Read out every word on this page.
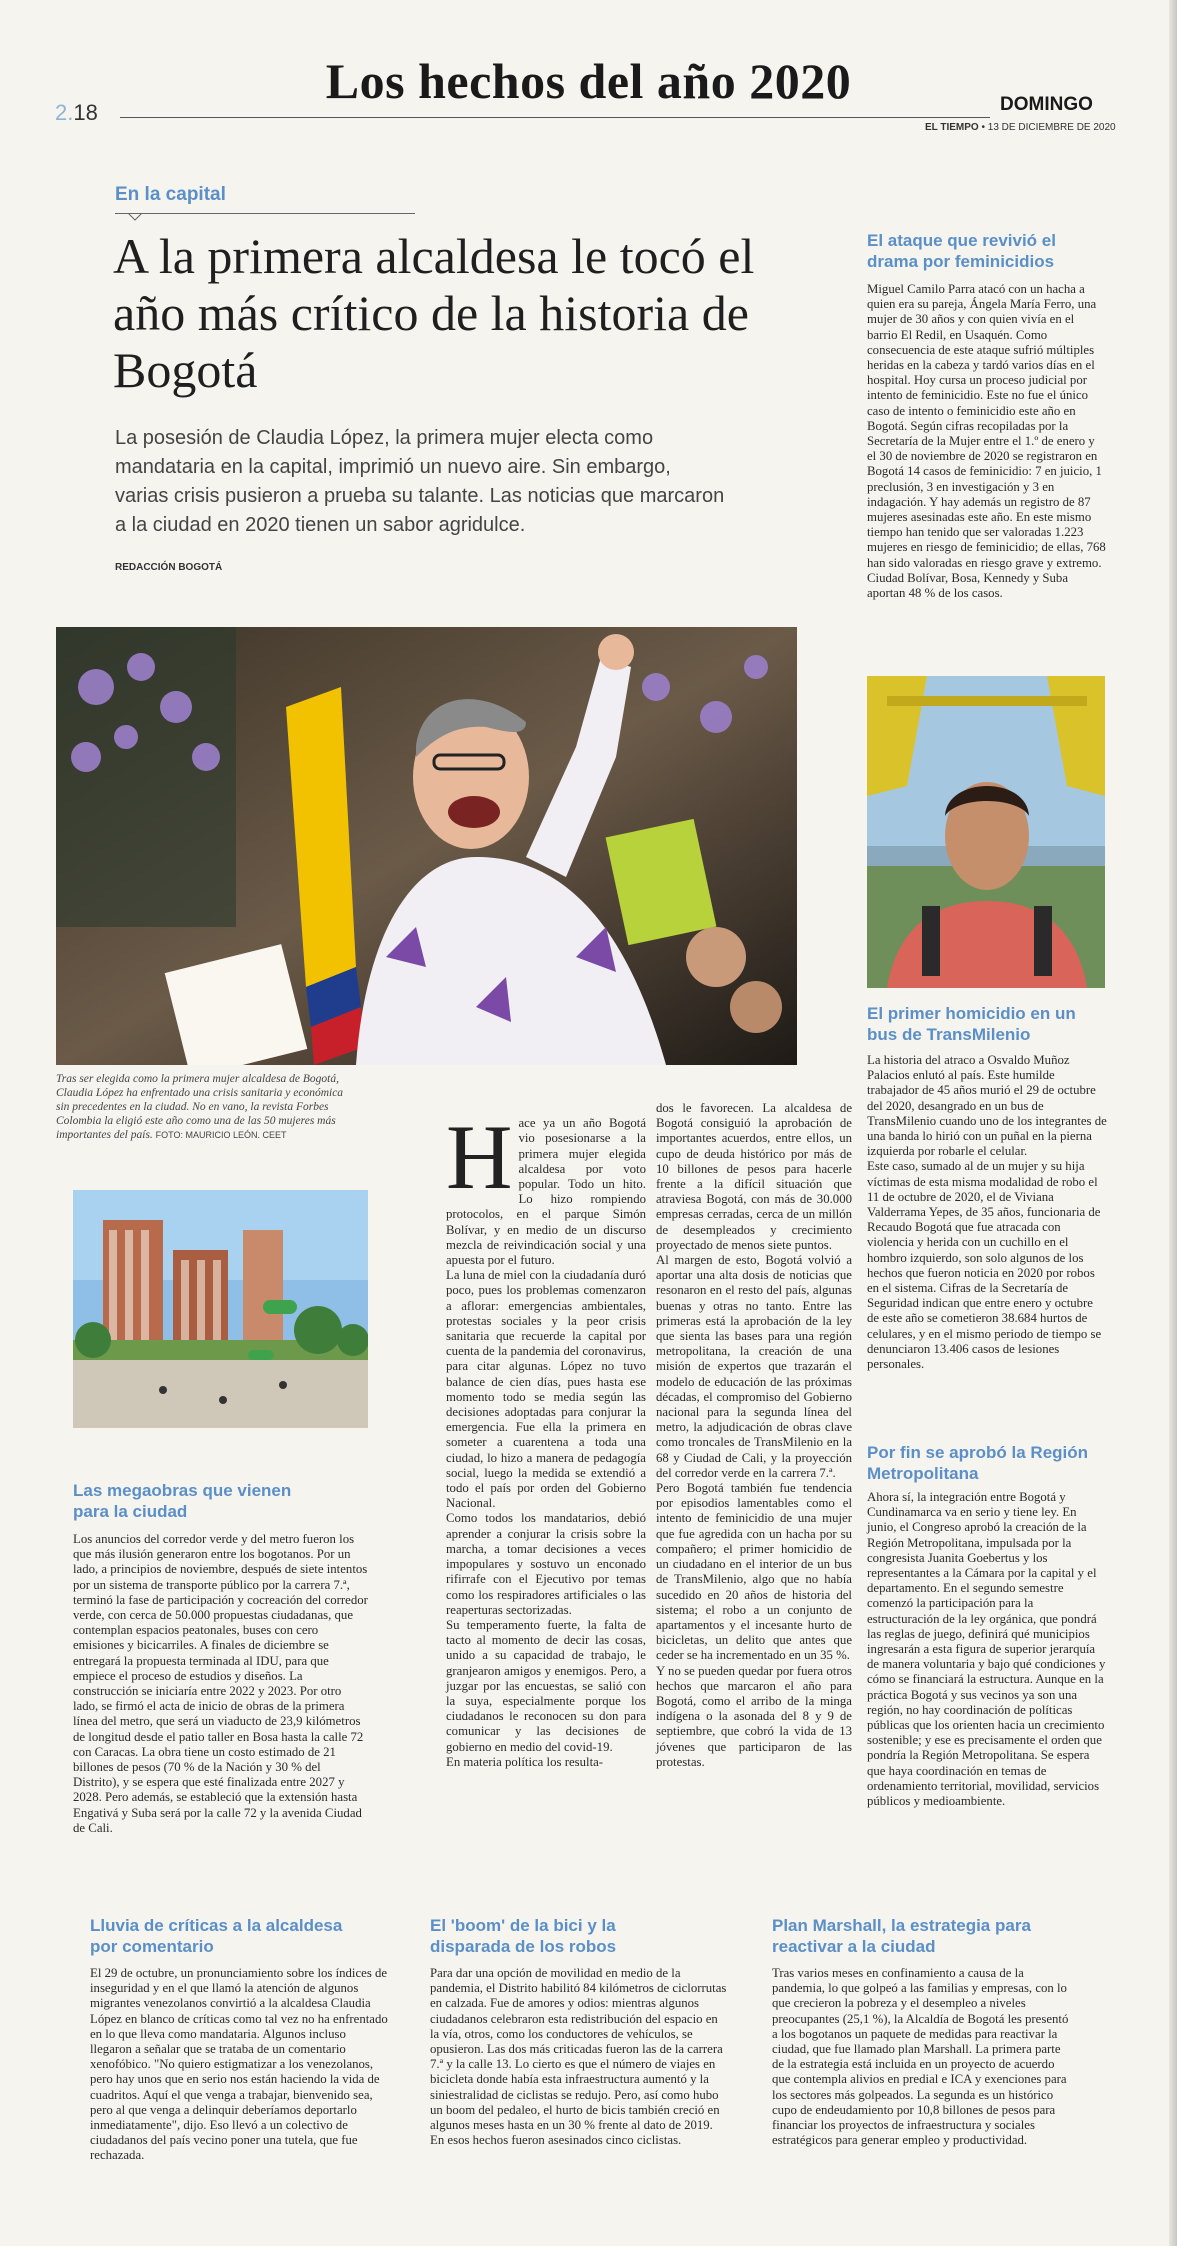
Los hechos del año 2020
2.18	DOMINGO
EL TIEMPO • 13 DE DICIEMBRE DE 2020
En la capital
A la primera alcaldesa le tocó el año más crítico de la historia de Bogotá
La posesión de Claudia López, la primera mujer electa como mandataria en la capital, imprimió un nuevo aire. Sin embargo, varias crisis pusieron a prueba su talante. Las noticias que marcaron a la ciudad en 2020 tienen un sabor agridulce.
REDACCIÓN BOGOTÁ
Tras ser elegida como la primera mujer alcaldesa de Bogotá, Claudia López ha enfrentado una crisis sanitaria y económica sin precedentes en la ciudad. No en vano, la revista Forbes Colombia la eligió este año como una de las 50 mujeres más importantes del país. FOTO: MAURICIO LEÓN. CEET
Las megaobras que vienen para la ciudad
Los anuncios del corredor verde y del metro fueron los que más ilusión generaron entre los bogotanos. Por un lado, a principios de noviembre, después de siete intentos por un sistema de transporte público por la carrera 7.ª, terminó la fase de participación y cocreación del corredor verde, con cerca de 50.000 propuestas ciudadanas, que contemplan espacios peatonales, buses con cero emisiones y bicicarriles. A finales de diciembre se entregará la propuesta terminada al IDU, para que empiece el proceso de estudios y diseños. La construcción se iniciaría entre 2022 y 2023. Por otro lado, se firmó el acta de inicio de obras de la primera línea del metro, que será un viaducto de 23,9 kilómetros de longitud desde el patio taller en Bosa hasta la calle 72 con Caracas. La obra tiene un costo estimado de 21 billones de pesos (70 % de la Nación y 30 % del Distrito), y se espera que esté finalizada entre 2027 y 2028. Pero además, se estableció que la extensión hasta Engativá y Suba será por la calle 72 y la avenida Ciudad de Cali.

Hace ya un año Bogotá vio posesionarse a la primera mujer elegida alcaldesa por voto popular. Todo un hito. Lo hizo rompiendo protocolos, en el parque Simón Bolívar, y en medio de un discurso mezcla de reivindicación social y una apuesta por el futuro.
La luna de miel con la ciudadanía duró poco, pues los problemas comenzaron a aflorar: emergencias ambientales, protestas sociales y la peor crisis sanitaria que recuerde la capital por cuenta de la pandemia del coronavirus, para citar algunas. López no tuvo balance de cien días, pues hasta ese momento todo se media según las decisiones adoptadas para conjurar la emergencia. Fue ella la primera en someter a cuarentena a toda una ciudad, lo hizo a manera de pedagogía social, luego la medida se extendió a todo el país por orden del Gobierno Nacional.
Como todos los mandatarios, debió aprender a conjurar la crisis sobre la marcha, a tomar decisiones a veces impopulares y sostuvo un enconado rifirrafe con el Ejecutivo por temas como los respiradores artificiales o las reaperturas sectorizadas.
Su temperamento fuerte, la falta de tacto al momento de decir las cosas, unido a su capacidad de trabajo, le granjearon amigos y enemigos. Pero, a juzgar por las encuestas, se salió con la suya, especialmente porque los ciudadanos le reconocen su don para comunicar y las decisiones de gobierno en medio del covid-19.
En materia política los resulta-

dos le favorecen. La alcaldesa de Bogotá consiguió la aprobación de importantes acuerdos, entre ellos, un cupo de deuda histórico por más de 10 billones de pesos para hacerle frente a la difícil situación que atraviesa Bogotá, con más de 30.000 empresas cerradas, cerca de un millón de desempleados y crecimiento proyectado de menos siete puntos.
Al margen de esto, Bogotá volvió a aportar una alta dosis de noticias que resonaron en el resto del país, algunas buenas y otras no tanto. Entre las primeras está la aprobación de la ley que sienta las bases para una región metropolitana, la creación de una misión de expertos que trazarán el modelo de educación de las próximas décadas, el compromiso del Gobierno nacional para la segunda línea del metro, la adjudicación de obras clave como troncales de TransMilenio en la 68 y Ciudad de Cali, y la proyección del corredor verde en la carrera 7.ª.
Pero Bogotá también fue tendencia por episodios lamentables como el intento de feminicidio de una mujer que fue agredida con un hacha por su compañero; el primer homicidio de un ciudadano en el interior de un bus de TransMilenio, algo que no había sucedido en 20 años de historia del sistema; el robo a un conjunto de apartamentos y el incesante hurto de bicicletas, un delito que antes que ceder se ha incrementado en un 35 %.
Y no se pueden quedar por fuera otros hechos que marcaron el año para Bogotá, como el arribo de la minga indígena o la asonada del 8 y 9 de septiembre, que cobró la vida de 13 jóvenes que participaron de las protestas.
El ataque que revivió el drama por feminicidios
Miguel Camilo Parra atacó con un hacha a quien era su pareja, Ángela María Ferro, una mujer de 30 años y con quien vivía en el barrio El Redil, en Usaquén. Como consecuencia de este ataque sufrió múltiples heridas en la cabeza y tardó varios días en el hospital. Hoy cursa un proceso judicial por intento de feminicidio. Este no fue el único caso de intento o feminicidio este año en Bogotá. Según cifras recopiladas por la Secretaría de la Mujer entre el 1.º de enero y el 30 de noviembre de 2020 se registraron en Bogotá 14 casos de feminicidio: 7 en juicio, 1 preclusión, 3 en investigación y 3 en indagación. Y hay además un registro de 87 mujeres asesinadas este año. En este mismo tiempo han tenido que ser valoradas 1.223 mujeres en riesgo de feminicidio; de ellas, 768 han sido valoradas en riesgo grave y extremo. Ciudad Bolívar, Bosa, Kennedy y Suba aportan 48 % de los casos.
El primer homicidio en un bus de TransMilenio
La historia del atraco a Osvaldo Muñoz Palacios enlutó al país. Este humilde trabajador de 45 años murió el 29 de octubre del 2020, desangrado en un bus de TransMilenio cuando uno de los integrantes de una banda lo hirió con un puñal en la pierna izquierda por robarle el celular.
Este caso, sumado al de un mujer y su hija víctimas de esta misma modalidad de robo el 11 de octubre de 2020, el de Viviana Valderrama Yepes, de 35 años, funcionaria de Recaudo Bogotá que fue atracada con violencia y herida con un cuchillo en el hombro izquierdo, son solo algunos de los hechos que fueron noticia en 2020 por robos en el sistema. Cifras de la Secretaría de Seguridad indican que entre enero y octubre de este año se cometieron 38.684 hurtos de celulares, y en el mismo periodo de tiempo se denunciaron 13.406 casos de lesiones personales.
Por fin se aprobó la Región Metropolitana
Ahora sí, la integración entre Bogotá y Cundinamarca va en serio y tiene ley. En junio, el Congreso aprobó la creación de la Región Metropolitana, impulsada por la congresista Juanita Goebertus y los representantes a la Cámara por la capital y el departamento. En el segundo semestre comenzó la participación para la estructuración de la ley orgánica, que pondrá las reglas de juego, definirá qué municipios ingresarán a esta figura de superior jerarquía de manera voluntaria y bajo qué condiciones y cómo se financiará la estructura. Aunque en la práctica Bogotá y sus vecinos ya son una región, no hay coordinación de políticas públicas que los orienten hacia un crecimiento sostenible; y ese es precisamente el orden que pondría la Región Metropolitana. Se espera que haya coordinación en temas de ordenamiento territorial, movilidad, servicios públicos y medioambiente.
Lluvia de críticas a la alcaldesa por comentario
El 29 de octubre, un pronunciamiento sobre los índices de inseguridad y en el que llamó la atención de algunos migrantes venezolanos convirtió a la alcaldesa Claudia López en blanco de críticas como tal vez no ha enfrentado en lo que lleva como mandataria. Algunos incluso llegaron a señalar que se trataba de un comentario xenofóbico. "No quiero estigmatizar a los venezolanos, pero hay unos que en serio nos están haciendo la vida de cuadritos. Aquí el que venga a trabajar, bienvenido sea, pero al que venga a delinquir deberíamos deportarlo inmediatamente", dijo. Eso llevó a un colectivo de ciudadanos del país vecino poner una tutela, que fue rechazada.
El 'boom' de la bici y la disparada de los robos
Para dar una opción de movilidad en medio de la pandemia, el Distrito habilitó 84 kilómetros de ciclorrutas en calzada. Fue de amores y odios: mientras algunos ciudadanos celebraron esta redistribución del espacio en la vía, otros, como los conductores de vehículos, se opusieron. Las dos más criticadas fueron las de la carrera 7.ª y la calle 13. Lo cierto es que el número de viajes en bicicleta donde había esta infraestructura aumentó y la siniestralidad de ciclistas se redujo. Pero, así como hubo un boom del pedaleo, el hurto de bicis también creció en algunos meses hasta en un 30 % frente al dato de 2019. En esos hechos fueron asesinados cinco ciclistas.
Plan Marshall, la estrategia para reactivar a la ciudad
Tras varios meses en confinamiento a causa de la pandemia, lo que golpeó a las familias y empresas, con lo que crecieron la pobreza y el desempleo a niveles preocupantes (25,1 %), la Alcaldía de Bogotá les presentó a los bogotanos un paquete de medidas para reactivar la ciudad, que fue llamado plan Marshall. La primera parte de la estrategia está incluida en un proyecto de acuerdo que contempla alivios en predial e ICA y exenciones para los sectores más golpeados. La segunda es un histórico cupo de endeudamiento por 10,8 billones de pesos para financiar los proyectos de infraestructura y sociales estratégicos para generar empleo y productividad.
